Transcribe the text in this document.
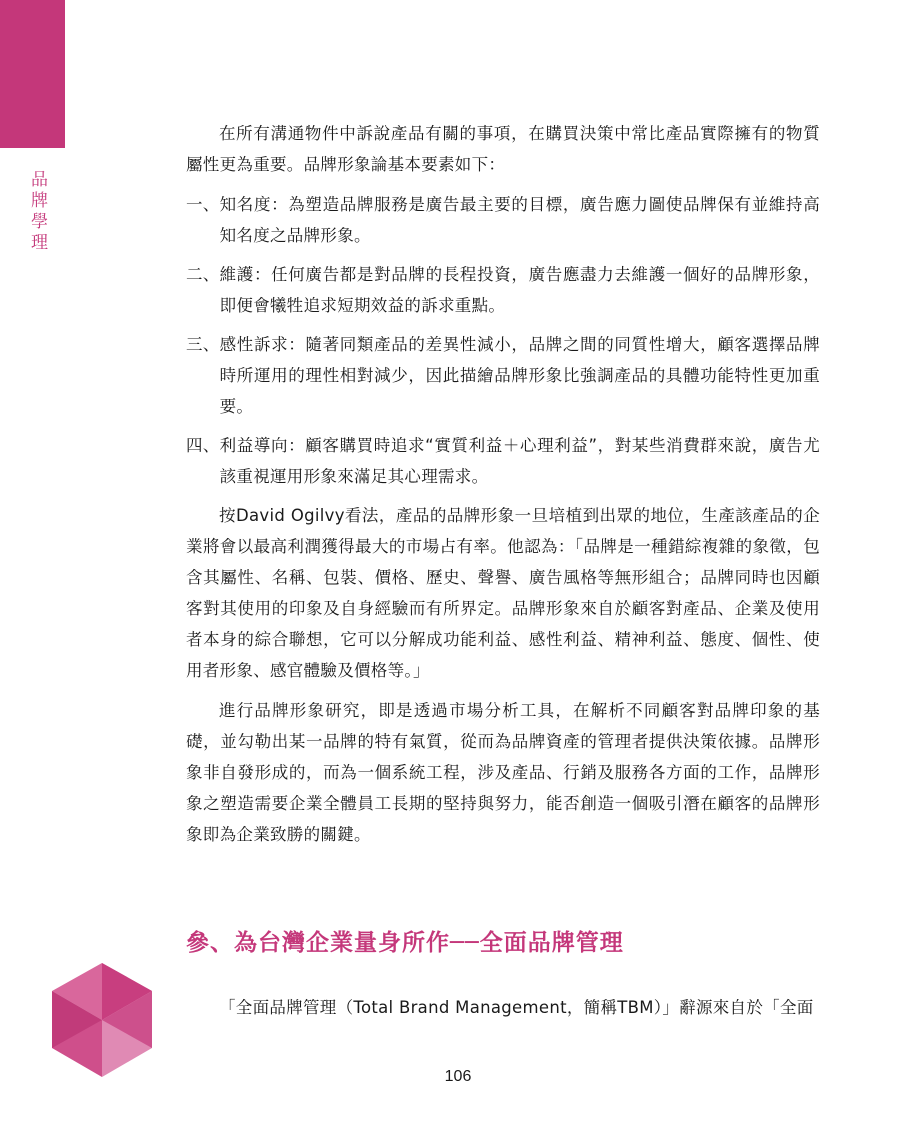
品牌學理

在所有溝通物件中訴說產品有關的事項，在購買決策中常比產品實際擁有的物質屬性更為重要。品牌形象論基本要素如下：

一、 知名度：為塑造品牌服務是廣告最主要的目標，廣告應力圖使品牌保有並維持高知名度之品牌形象。
二、 維護：任何廣告都是對品牌的長程投資，廣告應盡力去維護一個好的品牌形象，即便會犧牲追求短期效益的訴求重點。
三、 感性訴求：隨著同類產品的差異性減小，品牌之間的同質性增大，顧客選擇品牌時所運用的理性相對減少，因此描繪品牌形象比強調產品的具體功能特性更加重要。
四、 利益導向：顧客購買時追求“實質利益＋心理利益”，對某些消費群來說，廣告尤該重視運用形象來滿足其心理需求。

按David Ogilvy看法，產品的品牌形象一旦培植到出眾的地位，生產該產品的企業將會以最高利潤獲得最大的市場占有率。他認為：「品牌是一種錯綜複雜的象徵，包含其屬性、名稱、包裝、價格、歷史、聲譽、廣告風格等無形組合；品牌同時也因顧客對其使用的印象及自身經驗而有所界定。品牌形象來自於顧客對產品、企業及使用者本身的綜合聯想，它可以分解成功能利益、感性利益、精神利益、態度、個性、使用者形象、感官體驗及價格等。」

進行品牌形象研究，即是透過市場分析工具，在解析不同顧客對品牌印象的基礎，並勾勒出某一品牌的特有氣質，從而為品牌資產的管理者提供決策依據。品牌形象非自發形成的，而為一個系統工程，涉及產品、行銷及服務各方面的工作，品牌形象之塑造需要企業全體員工長期的堅持與努力，能否創造一個吸引潛在顧客的品牌形象即為企業致勝的關鍵。

參、為台灣企業量身所作──全面品牌管理
「全面品牌管理（Total Brand Management，簡稱TBM）」辭源來自於「全面
106
